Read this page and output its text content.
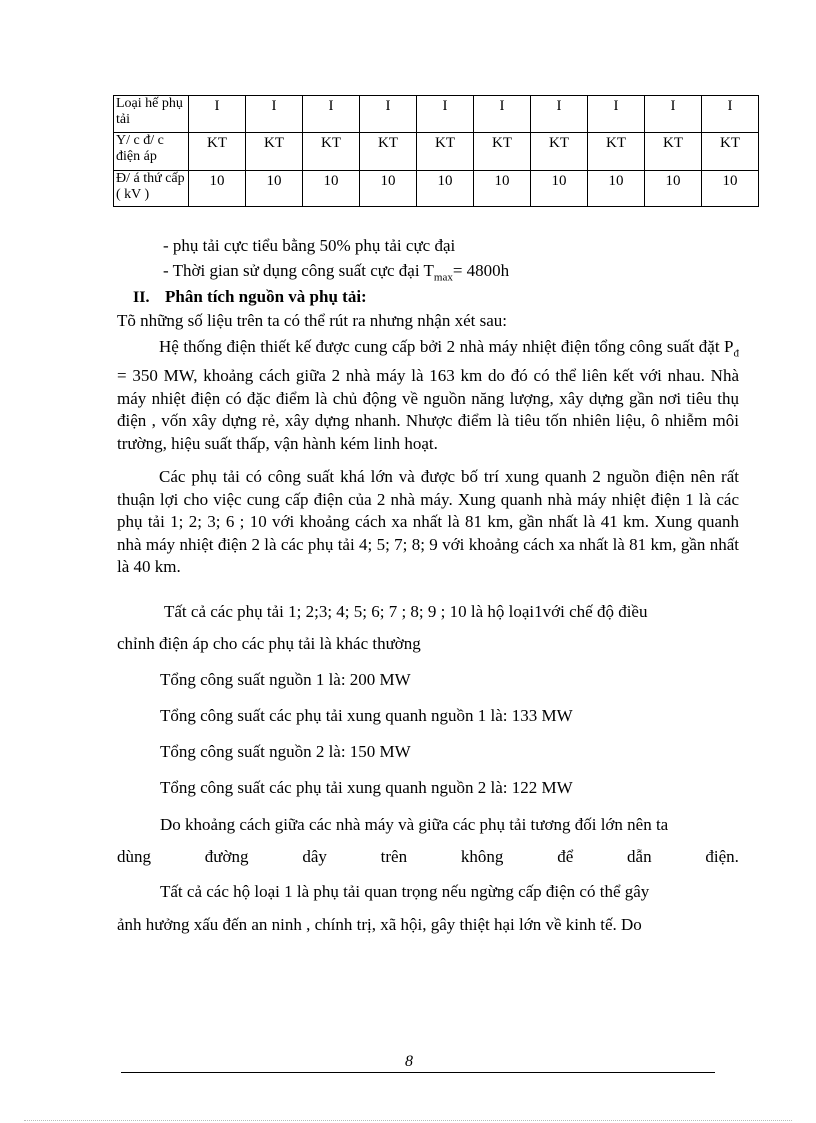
Loại hế phụ tải	I	I	I	I	I	I	I	I	I	I
Y/ c đ/ c điện áp	KT	KT	KT	KT	KT	KT	KT	KT	KT	KT
Đ/ á thứ cấp ( kV )	10	10	10	10	10	10	10	10	10	10
- phụ tải cực tiểu bằng 50% phụ tải cực đại
- Thời gian sử dụng công suất cực đại $T_{max}= 4800h$
II. Phân tích nguồn và phụ tải:
Tõ những số liệu trên ta có thể rút ra nhưng nhận xét sau:

Hệ thống điện thiết kế được cung cấp bởi 2 nhà máy nhiệt điện tổng công suất đặt $P_đ = 350$ MW, khoảng cách giữa 2 nhà máy là 163 km do đó có thể liên kết với nhau. Nhà máy nhiệt điện có đặc điểm là chủ động về nguồn năng lượng, xây dựng gần nơi tiêu thụ điện , vốn xây dựng rẻ, xây dựng nhanh. Nhược điểm là tiêu tốn nhiên liệu, ô nhiễm môi trường, hiệu suất thấp, vận hành kém linh hoạt.

Các phụ tải có công suất khá lớn và được bố trí xung quanh 2 nguồn điện nên rất thuận lợi cho việc cung cấp điện của 2 nhà máy. Xung quanh nhà máy nhiệt điện 1 là các phụ tải 1; 2; 3; 6 ; 10 với khoảng cách xa nhất là 81 km, gần nhất là 41 km. Xung quanh nhà máy nhiệt điện 2 là các phụ tải 4; 5; 7; 8; 9 với khoảng cách xa nhất là 81 km, gần nhất là 40 km.

Tất cả các phụ tải 1; 2;3; 4; 5; 6; 7 ; 8; 9 ; 10 là hộ loại1với chế độ điều
chỉnh điện áp cho các phụ tải là khác thường
Tổng công suất nguồn 1 là: 200 MW
Tổng công suất các phụ tải xung quanh nguồn 1 là: 133 MW
Tổng công suất nguồn 2 là: 150 MW
Tổng công suất các phụ tải xung quanh nguồn 2 là: 122 MW
Do khoảng cách giữa các nhà máy và giữa các phụ tải tương đối lớn nên ta
dùng	đường	dây	trên	không	để	dẫn	điện.
Tất cả các hộ loại 1 là phụ tải quan trọng nếu ngừng cấp điện có thể gây
ảnh hưởng xấu đến an ninh , chính trị, xã hội, gây thiệt hại lớn về kinh tế. Do
8
